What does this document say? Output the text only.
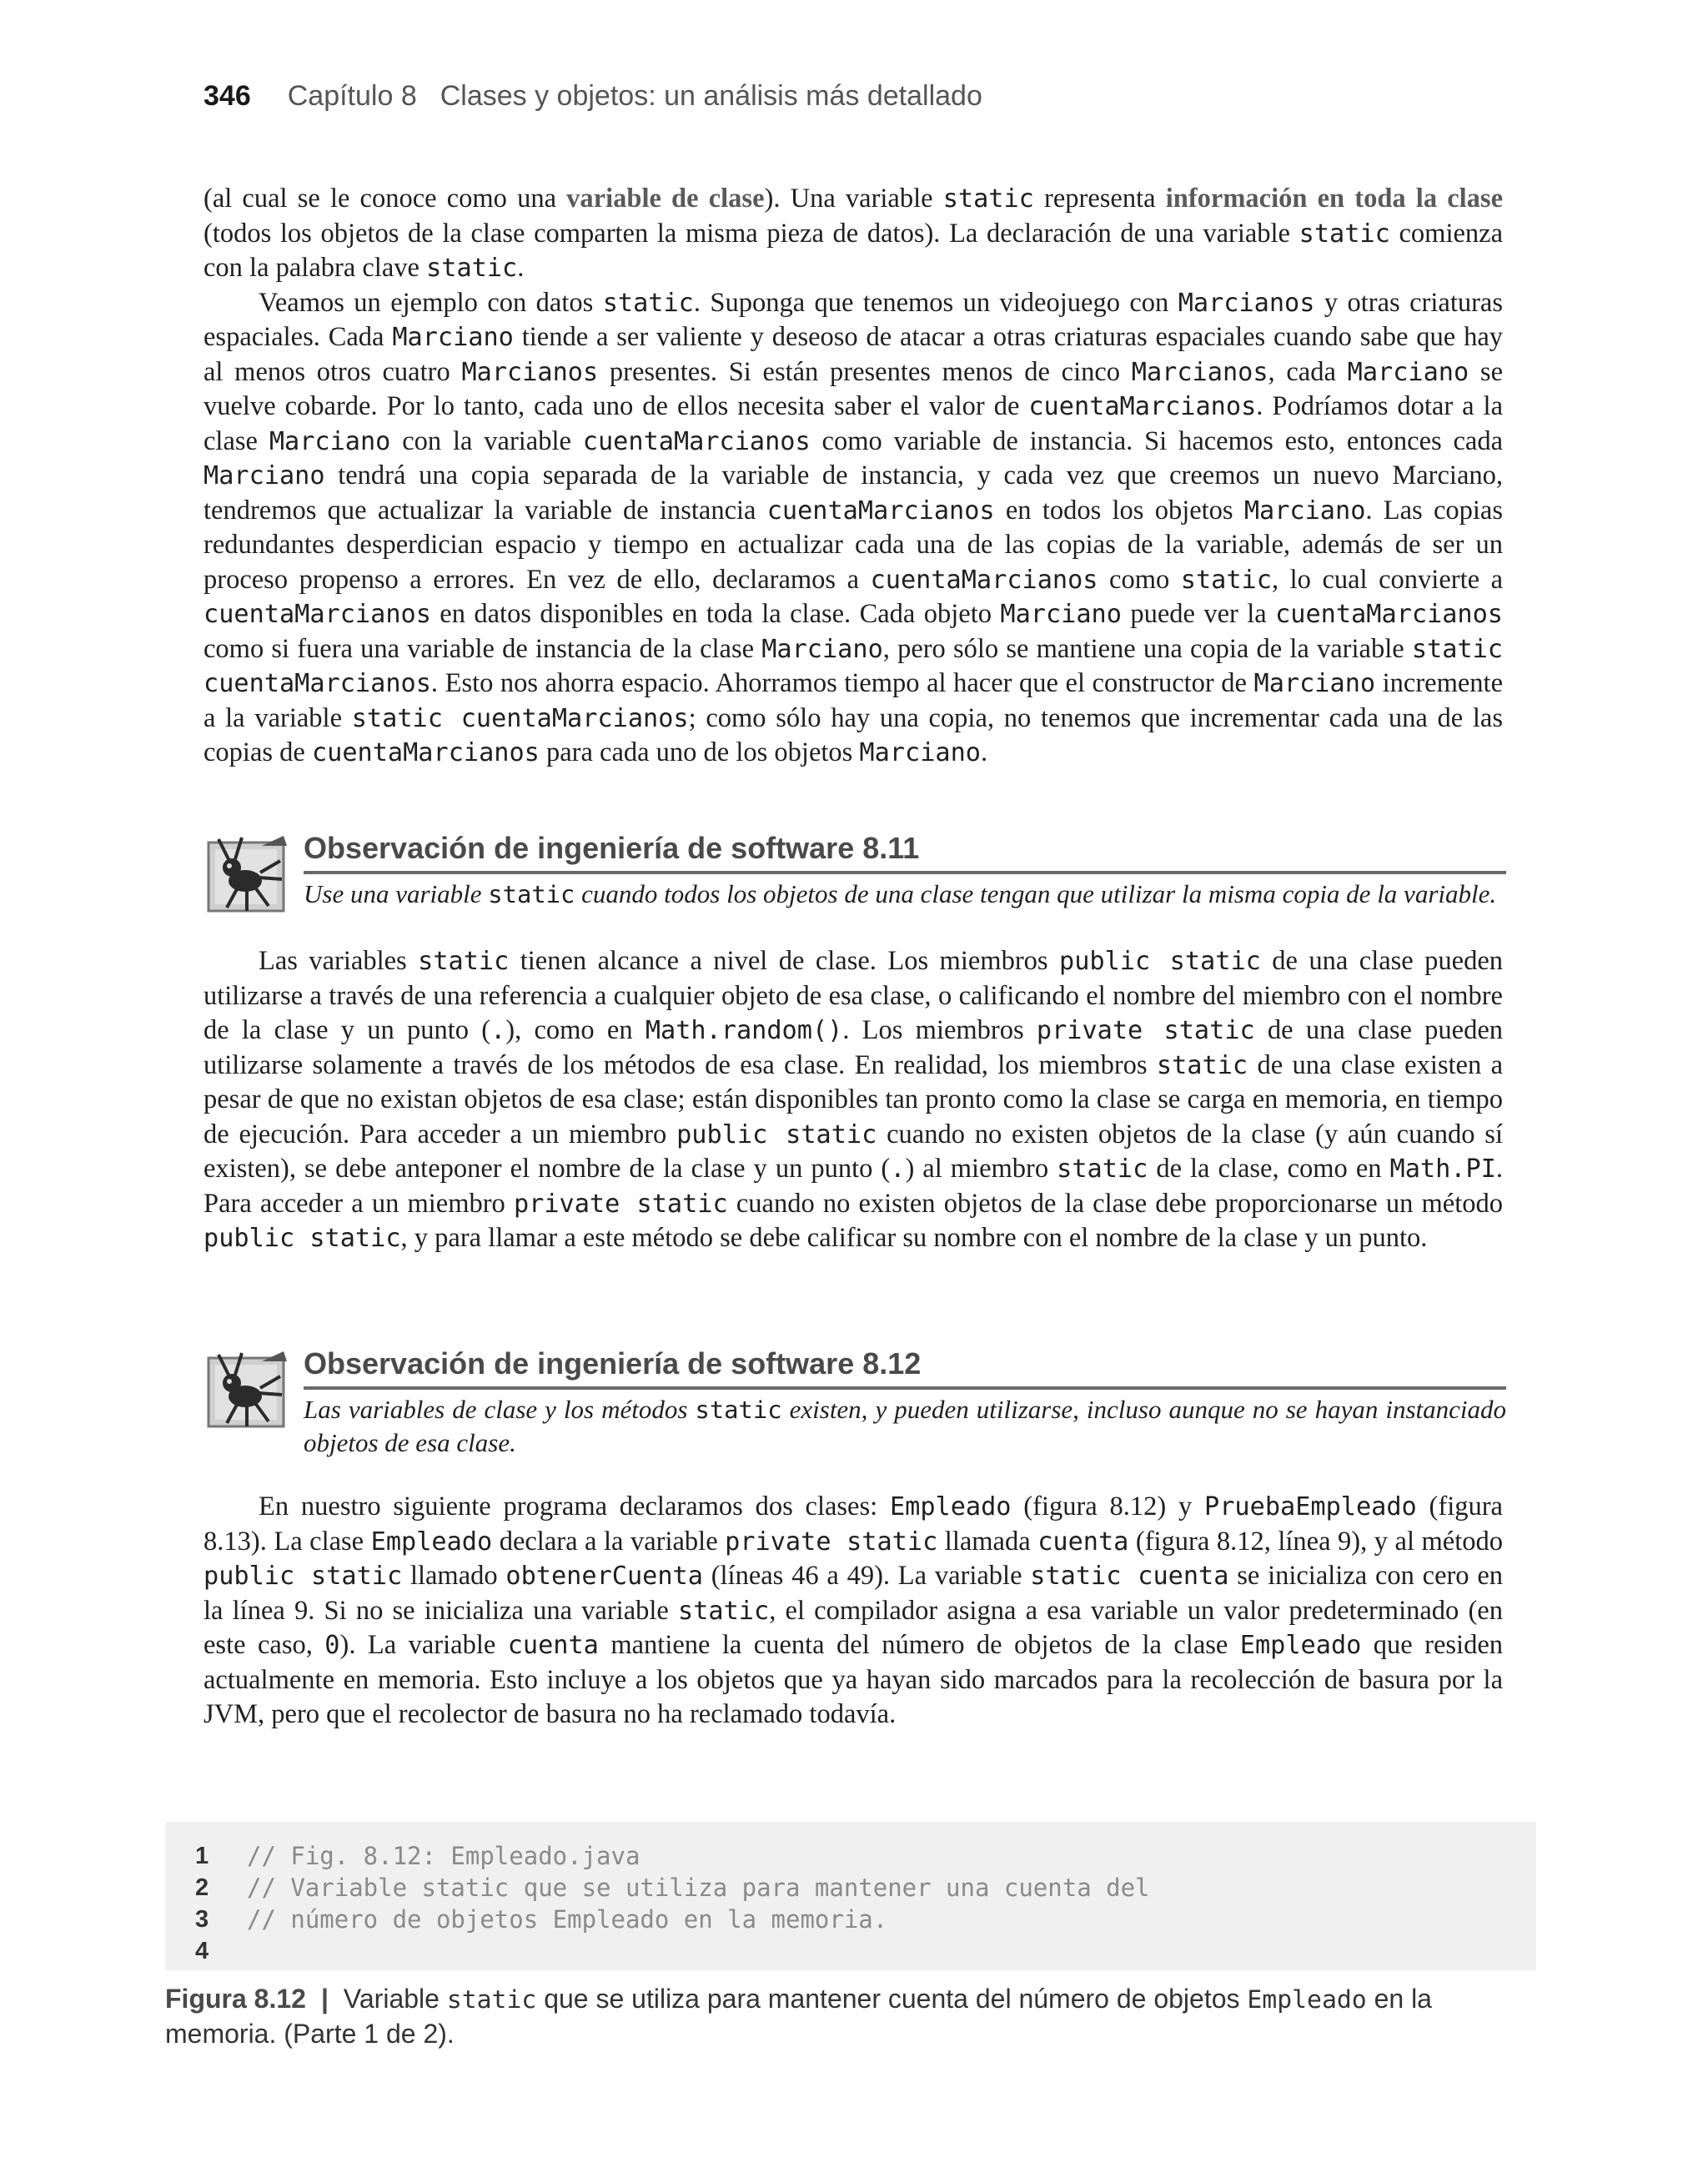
346 Capítulo 8 Clases y objetos: un análisis más detallado

(al cual se le conoce como una variable de clase). Una variable static representa información en toda la clase (todos los objetos de la clase comparten la misma pieza de datos). La declaración de una variable static comienza con la palabra clave static.

Veamos un ejemplo con datos static. Suponga que tenemos un videojuego con Marcianos y otras criaturas espaciales. Cada Marciano tiende a ser valiente y deseoso de atacar a otras criaturas espaciales cuando sabe que hay al menos otros cuatro Marcianos presentes. Si están presentes menos de cinco Marcianos, cada Marciano se vuelve cobarde. Por lo tanto, cada uno de ellos necesita saber el valor de cuentaMarcianos. Podríamos dotar a la clase Marciano con la variable cuentaMarcianos como variable de instancia. Si hacemos esto, entonces cada Marciano tendrá una copia separada de la variable de instancia, y cada vez que creemos un nuevo Marciano, tendremos que actualizar la variable de instancia cuentaMarcianos en todos los objetos Marciano. Las copias redundantes desperdician espacio y tiempo en actualizar cada una de las copias de la variable, además de ser un proceso propenso a errores. En vez de ello, declaramos a cuentaMarcianos como static, lo cual convierte a cuentaMarcianos en datos disponibles en toda la clase. Cada objeto Marciano puede ver la cuentaMarcianos como si fuera una variable de instancia de la clase Marciano, pero sólo se mantiene una copia de la variable static cuentaMarcianos. Esto nos ahorra espacio. Ahorramos tiempo al hacer que el constructor de Marciano incremente a la variable static cuentaMarcianos; como sólo hay una copia, no tenemos que incrementar cada una de las copias de cuentaMarcianos para cada uno de los objetos Marciano.

Observación de ingeniería de software 8.11
Use una variable static cuando todos los objetos de una clase tengan que utilizar la misma copia de la variable.

Las variables static tienen alcance a nivel de clase. Los miembros public static de una clase pueden utilizarse a través de una referencia a cualquier objeto de esa clase, o calificando el nombre del miembro con el nombre de la clase y un punto (.), como en Math.random(). Los miembros private static de una clase pueden utilizarse solamente a través de los métodos de esa clase. En realidad, los miembros static de una clase existen a pesar de que no existan objetos de esa clase; están disponibles tan pronto como la clase se carga en memoria, en tiempo de ejecución. Para acceder a un miembro public static cuando no existen objetos de la clase (y aún cuando sí existen), se debe anteponer el nombre de la clase y un punto (.) al miembro static de la clase, como en Math.PI. Para acceder a un miembro private static cuando no existen objetos de la clase debe proporcionarse un método public static, y para llamar a este método se debe calificar su nombre con el nombre de la clase y un punto.

Observación de ingeniería de software 8.12
Las variables de clase y los métodos static existen, y pueden utilizarse, incluso aunque no se hayan instanciado objetos de esa clase.

En nuestro siguiente programa declaramos dos clases: Empleado (figura 8.12) y PruebaEmpleado (figura 8.13). La clase Empleado declara a la variable private static llamada cuenta (figura 8.12, línea 9), y al método public static llamado obtenerCuenta (líneas 46 a 49). La variable static cuenta se inicializa con cero en la línea 9. Si no se inicializa una variable static, el compilador asigna a esa variable un valor predeterminado (en este caso, 0). La variable cuenta mantiene la cuenta del número de objetos de la clase Empleado que residen actualmente en memoria. Esto incluye a los objetos que ya hayan sido marcados para la recolección de basura por la JVM, pero que el recolector de basura no ha reclamado todavía.

1	// Fig. 8.12: Empleado.java
2	// Variable static que se utiliza para mantener una cuenta del
3	// número de objetos Empleado en la memoria.
4
Figura 8.12 | Variable static que se utiliza para mantener cuenta del número de objetos Empleado en la memoria. (Parte 1 de 2).
